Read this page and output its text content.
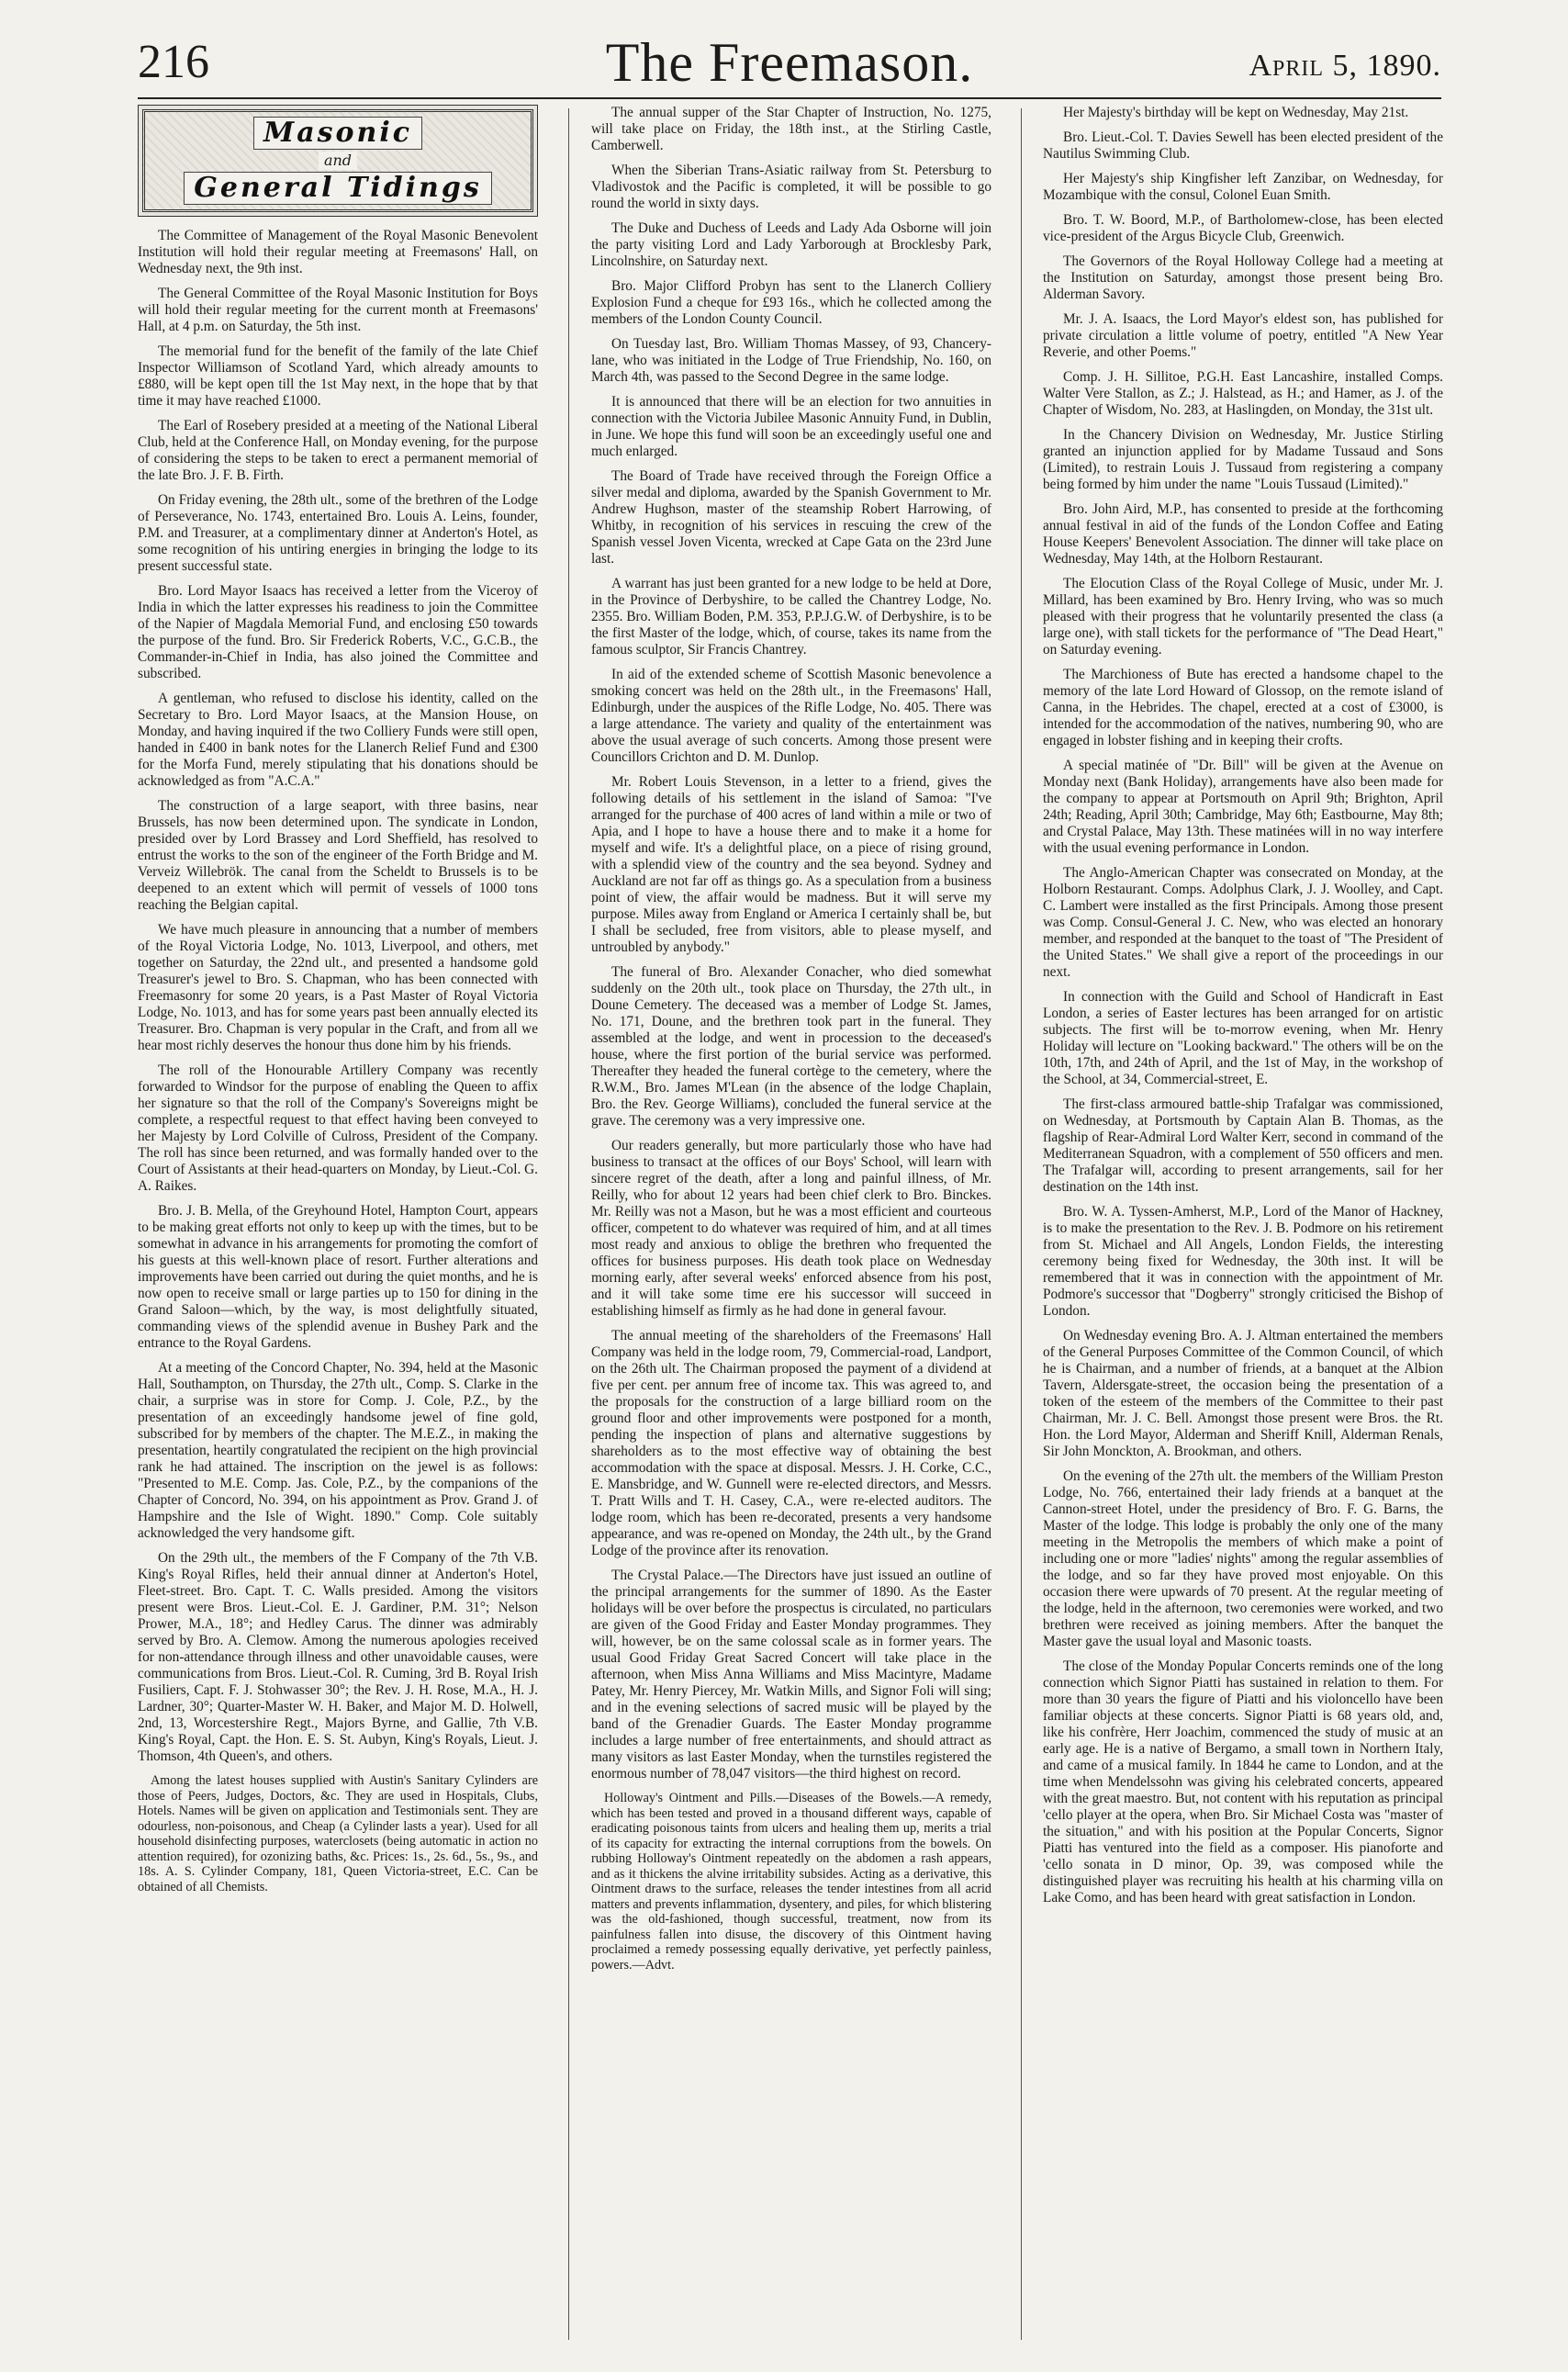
216	The Freemason.	April 5, 1890.
Masonic
and
General Tidings

The Committee of Management of the Royal Masonic Benevolent Institution will hold their regular meeting at Freemasons' Hall, on Wednesday next, the 9th inst.

The General Committee of the Royal Masonic Institution for Boys will hold their regular meeting for the current month at Freemasons' Hall, at 4 p.m. on Saturday, the 5th inst.

The memorial fund for the benefit of the family of the late Chief Inspector Williamson of Scotland Yard, which already amounts to £880, will be kept open till the 1st May next, in the hope that by that time it may have reached £1000.

The Earl of Rosebery presided at a meeting of the National Liberal Club, held at the Conference Hall, on Monday evening, for the purpose of considering the steps to be taken to erect a permanent memorial of the late Bro. J. F. B. Firth.

On Friday evening, the 28th ult., some of the brethren of the Lodge of Perseverance, No. 1743, entertained Bro. Louis A. Leins, founder, P.M. and Treasurer, at a complimentary dinner at Anderton's Hotel, as some recognition of his untiring energies in bringing the lodge to its present successful state.

Bro. Lord Mayor Isaacs has received a letter from the Viceroy of India in which the latter expresses his readiness to join the Committee of the Napier of Magdala Memorial Fund, and enclosing £50 towards the purpose of the fund. Bro. Sir Frederick Roberts, V.C., G.C.B., the Commander-in-Chief in India, has also joined the Committee and subscribed.

A gentleman, who refused to disclose his identity, called on the Secretary to Bro. Lord Mayor Isaacs, at the Mansion House, on Monday, and having inquired if the two Colliery Funds were still open, handed in £400 in bank notes for the Llanerch Relief Fund and £300 for the Morfa Fund, merely stipulating that his donations should be acknowledged as from "A.C.A."

The construction of a large seaport, with three basins, near Brussels, has now been determined upon. The syndicate in London, presided over by Lord Brassey and Lord Sheffield, has resolved to entrust the works to the son of the engineer of the Forth Bridge and M. Verveiz Willebrök. The canal from the Scheldt to Brussels is to be deepened to an extent which will permit of vessels of 1000 tons reaching the Belgian capital.

We have much pleasure in announcing that a number of members of the Royal Victoria Lodge, No. 1013, Liverpool, and others, met together on Saturday, the 22nd ult., and presented a handsome gold Treasurer's jewel to Bro. S. Chapman, who has been connected with Freemasonry for some 20 years, is a Past Master of Royal Victoria Lodge, No. 1013, and has for some years past been annually elected its Treasurer. Bro. Chapman is very popular in the Craft, and from all we hear most richly deserves the honour thus done him by his friends.

The roll of the Honourable Artillery Company was recently forwarded to Windsor for the purpose of enabling the Queen to affix her signature so that the roll of the Company's Sovereigns might be complete, a respectful request to that effect having been conveyed to her Majesty by Lord Colville of Culross, President of the Company. The roll has since been returned, and was formally handed over to the Court of Assistants at their head-quarters on Monday, by Lieut.-Col. G. A. Raikes.

Bro. J. B. Mella, of the Greyhound Hotel, Hampton Court, appears to be making great efforts not only to keep up with the times, but to be somewhat in advance in his arrangements for promoting the comfort of his guests at this well-known place of resort. Further alterations and improvements have been carried out during the quiet months, and he is now open to receive small or large parties up to 150 for dining in the Grand Saloon—which, by the way, is most delightfully situated, commanding views of the splendid avenue in Bushey Park and the entrance to the Royal Gardens.

At a meeting of the Concord Chapter, No. 394, held at the Masonic Hall, Southampton, on Thursday, the 27th ult., Comp. S. Clarke in the chair, a surprise was in store for Comp. J. Cole, P.Z., by the presentation of an exceedingly handsome jewel of fine gold, subscribed for by members of the chapter. The M.E.Z., in making the presentation, heartily congratulated the recipient on the high provincial rank he had attained. The inscription on the jewel is as follows: "Presented to M.E. Comp. Jas. Cole, P.Z., by the companions of the Chapter of Concord, No. 394, on his appointment as Prov. Grand J. of Hampshire and the Isle of Wight. 1890." Comp. Cole suitably acknowledged the very handsome gift.

On the 29th ult., the members of the F Company of the 7th V.B. King's Royal Rifles, held their annual dinner at Anderton's Hotel, Fleet-street. Bro. Capt. T. C. Walls presided. Among the visitors present were Bros. Lieut.-Col. E. J. Gardiner, P.M. 31°; Nelson Prower, M.A., 18°; and Hedley Carus. The dinner was admirably served by Bro. A. Clemow. Among the numerous apologies received for non-attendance through illness and other unavoidable causes, were communications from Bros. Lieut.-Col. R. Cuming, 3rd B. Royal Irish Fusiliers, Capt. F. J. Stohwasser 30°; the Rev. J. H. Rose, M.A., H. J. Lardner, 30°; Quarter-Master W. H. Baker, and Major M. D. Holwell, 2nd, 13, Worcestershire Regt., Majors Byrne, and Gallie, 7th V.B. King's Royal, Capt. the Hon. E. S. St. Aubyn, King's Royals, Lieut. J. Thomson, 4th Queen's, and others.

Among the latest houses supplied with Austin's Sanitary Cylinders are those of Peers, Judges, Doctors, &c. They are used in Hospitals, Clubs, Hotels. Names will be given on application and Testimonials sent. They are odourless, non-poisonous, and Cheap (a Cylinder lasts a year). Used for all household disinfecting purposes, waterclosets (being automatic in action no attention required), for ozonizing baths, &c. Prices: 1s., 2s. 6d., 5s., 9s., and 18s. A. S. Cylinder Company, 181, Queen Victoria-street, E.C. Can be obtained of all Chemists.

The annual supper of the Star Chapter of Instruction, No. 1275, will take place on Friday, the 18th inst., at the Stirling Castle, Camberwell.

When the Siberian Trans-Asiatic railway from St. Petersburg to Vladivostok and the Pacific is completed, it will be possible to go round the world in sixty days.

The Duke and Duchess of Leeds and Lady Ada Osborne will join the party visiting Lord and Lady Yarborough at Brocklesby Park, Lincolnshire, on Saturday next.

Bro. Major Clifford Probyn has sent to the Llanerch Colliery Explosion Fund a cheque for £93 16s., which he collected among the members of the London County Council.

On Tuesday last, Bro. William Thomas Massey, of 93, Chancery-lane, who was initiated in the Lodge of True Friendship, No. 160, on March 4th, was passed to the Second Degree in the same lodge.

It is announced that there will be an election for two annuities in connection with the Victoria Jubilee Masonic Annuity Fund, in Dublin, in June. We hope this fund will soon be an exceedingly useful one and much enlarged.

The Board of Trade have received through the Foreign Office a silver medal and diploma, awarded by the Spanish Government to Mr. Andrew Hughson, master of the steamship Robert Harrowing, of Whitby, in recognition of his services in rescuing the crew of the Spanish vessel Joven Vicenta, wrecked at Cape Gata on the 23rd June last.

A warrant has just been granted for a new lodge to be held at Dore, in the Province of Derbyshire, to be called the Chantrey Lodge, No. 2355. Bro. William Boden, P.M. 353, P.P.J.G.W. of Derbyshire, is to be the first Master of the lodge, which, of course, takes its name from the famous sculptor, Sir Francis Chantrey.

In aid of the extended scheme of Scottish Masonic benevolence a smoking concert was held on the 28th ult., in the Freemasons' Hall, Edinburgh, under the auspices of the Rifle Lodge, No. 405. There was a large attendance. The variety and quality of the entertainment was above the usual average of such concerts. Among those present were Councillors Crichton and D. M. Dunlop.

Mr. Robert Louis Stevenson, in a letter to a friend, gives the following details of his settlement in the island of Samoa: "I've arranged for the purchase of 400 acres of land within a mile or two of Apia, and I hope to have a house there and to make it a home for myself and wife. It's a delightful place, on a piece of rising ground, with a splendid view of the country and the sea beyond. Sydney and Auckland are not far off as things go. As a speculation from a business point of view, the affair would be madness. But it will serve my purpose. Miles away from England or America I certainly shall be, but I shall be secluded, free from visitors, able to please myself, and untroubled by anybody."

The funeral of Bro. Alexander Conacher, who died somewhat suddenly on the 20th ult., took place on Thursday, the 27th ult., in Doune Cemetery. The deceased was a member of Lodge St. James, No. 171, Doune, and the brethren took part in the funeral. They assembled at the lodge, and went in procession to the deceased's house, where the first portion of the burial service was performed. Thereafter they headed the funeral cortège to the cemetery, where the R.W.M., Bro. James M'Lean (in the absence of the lodge Chaplain, Bro. the Rev. George Williams), concluded the funeral service at the grave. The ceremony was a very impressive one.

Our readers generally, but more particularly those who have had business to transact at the offices of our Boys' School, will learn with sincere regret of the death, after a long and painful illness, of Mr. Reilly, who for about 12 years had been chief clerk to Bro. Binckes. Mr. Reilly was not a Mason, but he was a most efficient and courteous officer, competent to do whatever was required of him, and at all times most ready and anxious to oblige the brethren who frequented the offices for business purposes. His death took place on Wednesday morning early, after several weeks' enforced absence from his post, and it will take some time ere his successor will succeed in establishing himself as firmly as he had done in general favour.

The annual meeting of the shareholders of the Freemasons' Hall Company was held in the lodge room, 79, Commercial-road, Landport, on the 26th ult. The Chairman proposed the payment of a dividend at five per cent. per annum free of income tax. This was agreed to, and the proposals for the construction of a large billiard room on the ground floor and other improvements were postponed for a month, pending the inspection of plans and alternative suggestions by shareholders as to the most effective way of obtaining the best accommodation with the space at disposal. Messrs. J. H. Corke, C.C., E. Mansbridge, and W. Gunnell were re-elected directors, and Messrs. T. Pratt Wills and T. H. Casey, C.A., were re-elected auditors. The lodge room, which has been re-decorated, presents a very handsome appearance, and was re-opened on Monday, the 24th ult., by the Grand Lodge of the province after its renovation.

The Crystal Palace.—The Directors have just issued an outline of the principal arrangements for the summer of 1890. As the Easter holidays will be over before the prospectus is circulated, no particulars are given of the Good Friday and Easter Monday programmes. They will, however, be on the same colossal scale as in former years. The usual Good Friday Great Sacred Concert will take place in the afternoon, when Miss Anna Williams and Miss Macintyre, Madame Patey, Mr. Henry Piercey, Mr. Watkin Mills, and Signor Foli will sing; and in the evening selections of sacred music will be played by the band of the Grenadier Guards. The Easter Monday programme includes a large number of free entertainments, and should attract as many visitors as last Easter Monday, when the turnstiles registered the enormous number of 78,047 visitors—the third highest on record.

Holloway's Ointment and Pills.—Diseases of the Bowels.—A remedy, which has been tested and proved in a thousand different ways, capable of eradicating poisonous taints from ulcers and healing them up, merits a trial of its capacity for extracting the internal corruptions from the bowels. On rubbing Holloway's Ointment repeatedly on the abdomen a rash appears, and as it thickens the alvine irritability subsides. Acting as a derivative, this Ointment draws to the surface, releases the tender intestines from all acrid matters and prevents inflammation, dysentery, and piles, for which blistering was the old-fashioned, though successful, treatment, now from its painfulness fallen into disuse, the discovery of this Ointment having proclaimed a remedy possessing equally derivative, yet perfectly painless, powers.—Advt.

Her Majesty's birthday will be kept on Wednesday, May 21st.

Bro. Lieut.-Col. T. Davies Sewell has been elected president of the Nautilus Swimming Club.

Her Majesty's ship Kingfisher left Zanzibar, on Wednesday, for Mozambique with the consul, Colonel Euan Smith.

Bro. T. W. Boord, M.P., of Bartholomew-close, has been elected vice-president of the Argus Bicycle Club, Greenwich.

The Governors of the Royal Holloway College had a meeting at the Institution on Saturday, amongst those present being Bro. Alderman Savory.

Mr. J. A. Isaacs, the Lord Mayor's eldest son, has published for private circulation a little volume of poetry, entitled "A New Year Reverie, and other Poems."

Comp. J. H. Sillitoe, P.G.H. East Lancashire, installed Comps. Walter Vere Stallon, as Z.; J. Halstead, as H.; and Hamer, as J. of the Chapter of Wisdom, No. 283, at Haslingden, on Monday, the 31st ult.

In the Chancery Division on Wednesday, Mr. Justice Stirling granted an injunction applied for by Madame Tussaud and Sons (Limited), to restrain Louis J. Tussaud from registering a company being formed by him under the name "Louis Tussaud (Limited)."

Bro. John Aird, M.P., has consented to preside at the forthcoming annual festival in aid of the funds of the London Coffee and Eating House Keepers' Benevolent Association. The dinner will take place on Wednesday, May 14th, at the Holborn Restaurant.

The Elocution Class of the Royal College of Music, under Mr. J. Millard, has been examined by Bro. Henry Irving, who was so much pleased with their progress that he voluntarily presented the class (a large one), with stall tickets for the performance of "The Dead Heart," on Saturday evening.

The Marchioness of Bute has erected a handsome chapel to the memory of the late Lord Howard of Glossop, on the remote island of Canna, in the Hebrides. The chapel, erected at a cost of £3000, is intended for the accommodation of the natives, numbering 90, who are engaged in lobster fishing and in keeping their crofts.

A special matinée of "Dr. Bill" will be given at the Avenue on Monday next (Bank Holiday), arrangements have also been made for the company to appear at Portsmouth on April 9th; Brighton, April 24th; Reading, April 30th; Cambridge, May 6th; Eastbourne, May 8th; and Crystal Palace, May 13th. These matinées will in no way interfere with the usual evening performance in London.

The Anglo-American Chapter was consecrated on Monday, at the Holborn Restaurant. Comps. Adolphus Clark, J. J. Woolley, and Capt. C. Lambert were installed as the first Principals. Among those present was Comp. Consul-General J. C. New, who was elected an honorary member, and responded at the banquet to the toast of "The President of the United States." We shall give a report of the proceedings in our next.

In connection with the Guild and School of Handicraft in East London, a series of Easter lectures has been arranged for on artistic subjects. The first will be to-morrow evening, when Mr. Henry Holiday will lecture on "Looking backward." The others will be on the 10th, 17th, and 24th of April, and the 1st of May, in the workshop of the School, at 34, Commercial-street, E.

The first-class armoured battle-ship Trafalgar was commissioned, on Wednesday, at Portsmouth by Captain Alan B. Thomas, as the flagship of Rear-Admiral Lord Walter Kerr, second in command of the Mediterranean Squadron, with a complement of 550 officers and men. The Trafalgar will, according to present arrangements, sail for her destination on the 14th inst.

Bro. W. A. Tyssen-Amherst, M.P., Lord of the Manor of Hackney, is to make the presentation to the Rev. J. B. Podmore on his retirement from St. Michael and All Angels, London Fields, the interesting ceremony being fixed for Wednesday, the 30th inst. It will be remembered that it was in connection with the appointment of Mr. Podmore's successor that "Dogberry" strongly criticised the Bishop of London.

On Wednesday evening Bro. A. J. Altman entertained the members of the General Purposes Committee of the Common Council, of which he is Chairman, and a number of friends, at a banquet at the Albion Tavern, Aldersgate-street, the occasion being the presentation of a token of the esteem of the members of the Committee to their past Chairman, Mr. J. C. Bell. Amongst those present were Bros. the Rt. Hon. the Lord Mayor, Alderman and Sheriff Knill, Alderman Renals, Sir John Monckton, A. Brookman, and others.

On the evening of the 27th ult. the members of the William Preston Lodge, No. 766, entertained their lady friends at a banquet at the Cannon-street Hotel, under the presidency of Bro. F. G. Barns, the Master of the lodge. This lodge is probably the only one of the many meeting in the Metropolis the members of which make a point of including one or more "ladies' nights" among the regular assemblies of the lodge, and so far they have proved most enjoyable. On this occasion there were upwards of 70 present. At the regular meeting of the lodge, held in the afternoon, two ceremonies were worked, and two brethren were received as joining members. After the banquet the Master gave the usual loyal and Masonic toasts.

The close of the Monday Popular Concerts reminds one of the long connection which Signor Piatti has sustained in relation to them. For more than 30 years the figure of Piatti and his violoncello have been familiar objects at these concerts. Signor Piatti is 68 years old, and, like his confrère, Herr Joachim, commenced the study of music at an early age. He is a native of Bergamo, a small town in Northern Italy, and came of a musical family. In 1844 he came to London, and at the time when Mendelssohn was giving his celebrated concerts, appeared with the great maestro. But, not content with his reputation as principal 'cello player at the opera, when Bro. Sir Michael Costa was "master of the situation," and with his position at the Popular Concerts, Signor Piatti has ventured into the field as a composer. His pianoforte and 'cello sonata in D minor, Op. 39, was composed while the distinguished player was recruiting his health at his charming villa on Lake Como, and has been heard with great satisfaction in London.
